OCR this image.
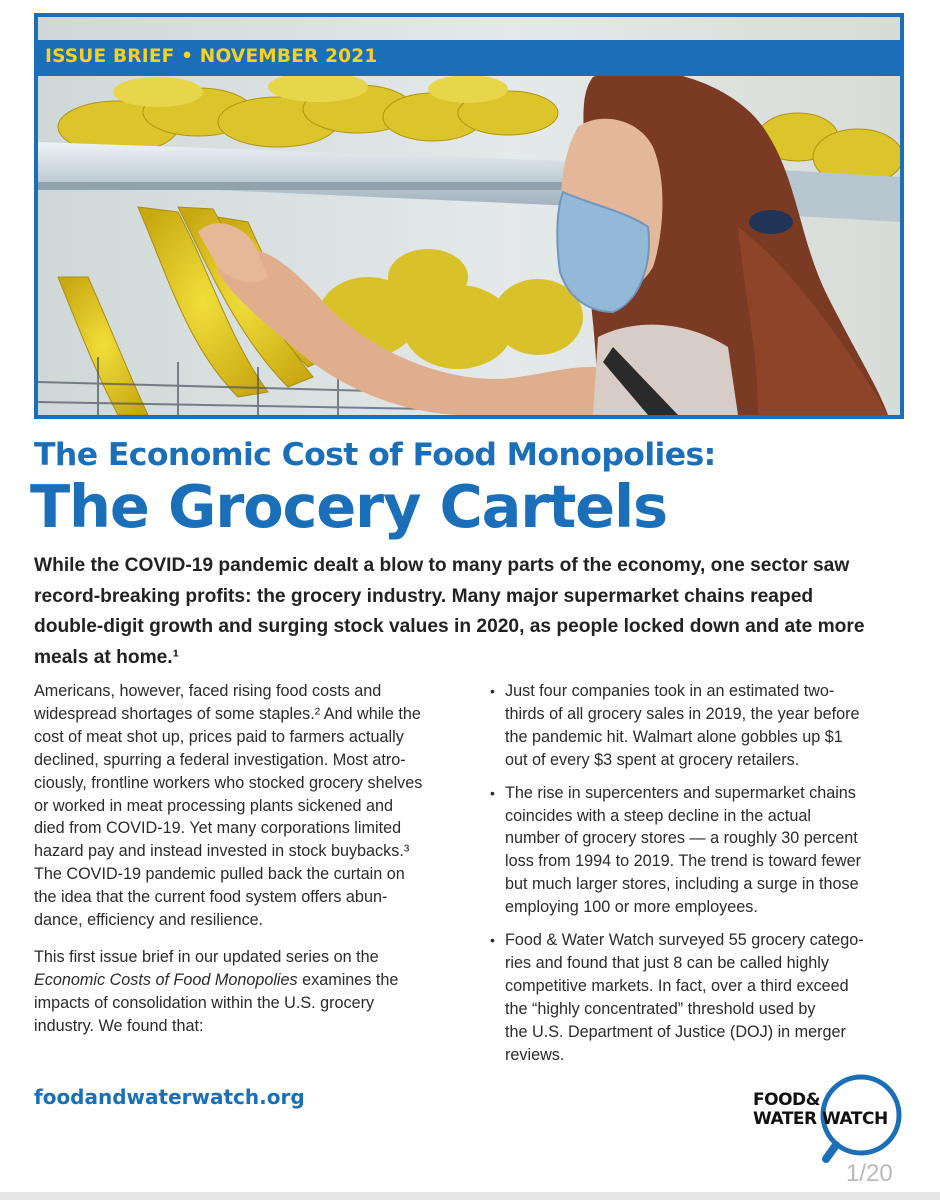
ISSUE BRIEF • NOVEMBER 2021
The Economic Cost of Food Monopolies:
The Grocery Cartels
While the COVID-19 pandemic dealt a blow to many parts of the economy, one sector saw
record-breaking profits: the grocery industry. Many major supermarket chains reaped
double-digit growth and surging stock values in 2020, as people locked down and ate more
meals at home.¹
Americans, however, faced rising food costs and
widespread shortages of some staples.² And while the
cost of meat shot up, prices paid to farmers actually
declined, spurring a federal investigation. Most atro-
ciously, frontline workers who stocked grocery shelves
or worked in meat processing plants sickened and
died from COVID-19. Yet many corporations limited
hazard pay and instead invested in stock buybacks.³
The COVID-19 pandemic pulled back the curtain on
the idea that the current food system offers abun-
dance, efficiency and resilience.
This first issue brief in our updated series on the
Economic Costs of Food Monopolies examines the
impacts of consolidation within the U.S. grocery
industry. We found that:
• Just four companies took in an estimated two-
thirds of all grocery sales in 2019, the year before
the pandemic hit. Walmart alone gobbles up $1
out of every $3 spent at grocery retailers.
• The rise in supercenters and supermarket chains
coincides with a steep decline in the actual
number of grocery stores — a roughly 30 percent
loss from 1994 to 2019. The trend is toward fewer
but much larger stores, including a surge in those
employing 100 or more employees.
• Food & Water Watch surveyed 55 grocery catego-
ries and found that just 8 can be called highly
competitive markets. In fact, over a third exceed
the “highly concentrated” threshold used by
the U.S. Department of Justice (DOJ) in merger
reviews.
foodandwaterwatch.org	FOOD&
WATER WATCH
1/20
